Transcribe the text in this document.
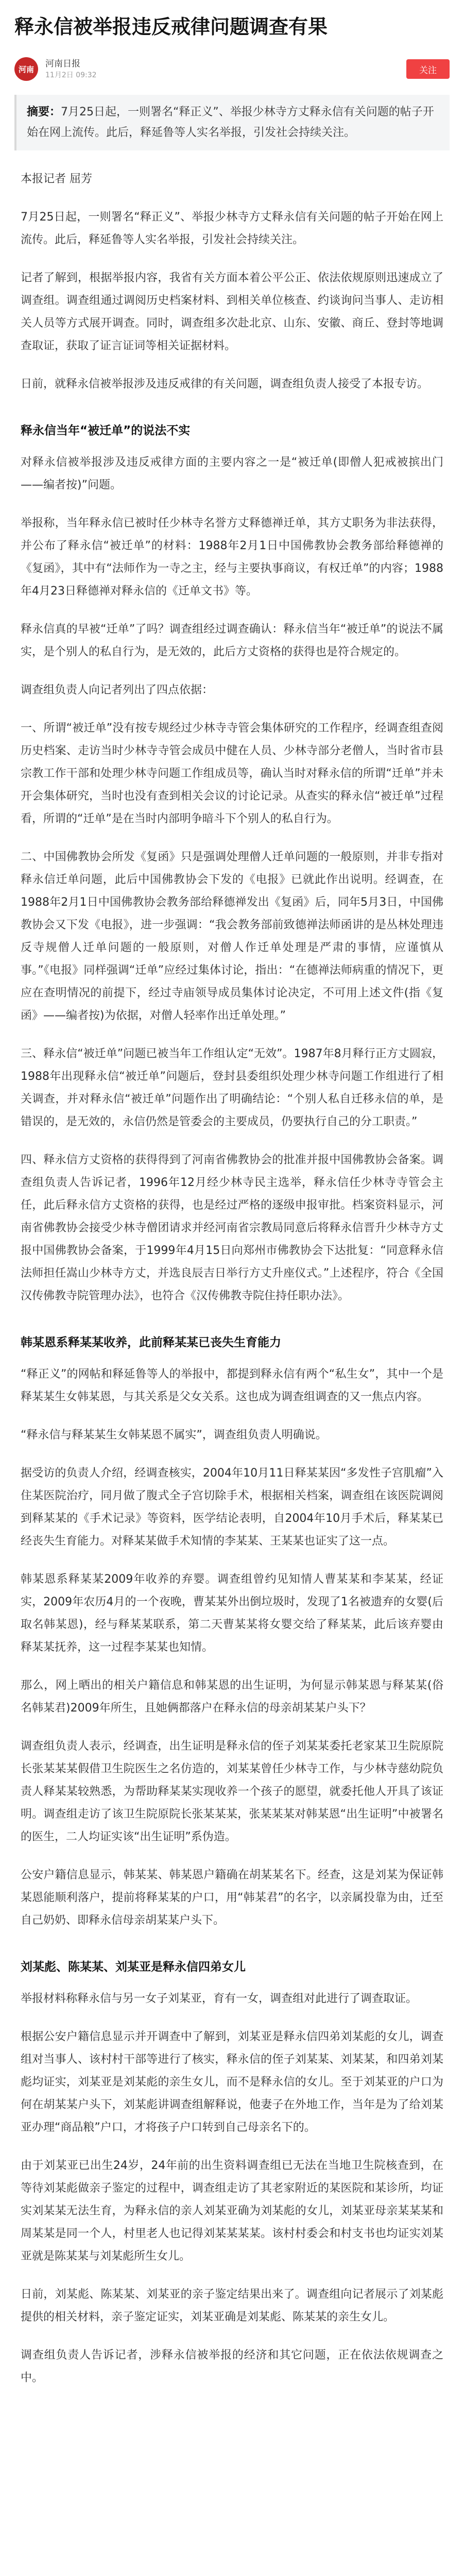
释永信被举报违反戒律问题调查有果
河南
河南日报
11月2日 09:32	关注
摘要：7月25日起，一则署名“释正义”、举报少林寺方丈释永信有关问题的帖子开始在网上流传。此后，释延鲁等人实名举报，引发社会持续关注。

本报记者 屈芳

7月25日起，一则署名“释正义”、举报少林寺方丈释永信有关问题的帖子开始在网上流传。此后，释延鲁等人实名举报，引发社会持续关注。

记者了解到，根据举报内容，我省有关方面本着公平公正、依法依规原则迅速成立了调查组。调查组通过调阅历史档案材料、到相关单位核查、约谈询问当事人、走访相关人员等方式展开调查。同时，调查组多次赴北京、山东、安徽、商丘、登封等地调查取证，获取了证言证词等相关证据材料。

日前，就释永信被举报涉及违反戒律的有关问题，调查组负责人接受了本报专访。

释永信当年“被迁单”的说法不实

对释永信被举报涉及违反戒律方面的主要内容之一是“被迁单(即僧人犯戒被摈出门——编者按)”问题。

举报称，当年释永信已被时任少林寺名誉方丈释德禅迁单，其方丈职务为非法获得，并公布了释永信“被迁单”的材料：1988年2月1日中国佛教协会教务部给释德禅的《复函》，其中有“法师作为一寺之主，经与主要执事商议，有权迁单”的内容；1988年4月23日释德禅对释永信的《迁单文书》等。

释永信真的早被“迁单”了吗？调查组经过调查确认：释永信当年“被迁单”的说法不属实，是个别人的私自行为，是无效的，此后方丈资格的获得也是符合规定的。

调查组负责人向记者列出了四点依据：

一、所谓“被迁单”没有按专规经过少林寺寺管会集体研究的工作程序，经调查组查阅历史档案、走访当时少林寺寺管会成员中健在人员、少林寺部分老僧人，当时省市县宗教工作干部和处理少林寺问题工作组成员等，确认当时对释永信的所谓“迁单”并未开会集体研究，当时也没有查到相关会议的讨论记录。从查实的释永信“被迁单”过程看，所谓的“迁单”是在当时内部明争暗斗下个别人的私自行为。

二、中国佛教协会所发《复函》只是强调处理僧人迁单问题的一般原则，并非专指对释永信迁单问题，此后中国佛教协会下发的《电报》已就此作出说明。经调查，在1988年2月1日中国佛教协会教务部给释德禅发出《复函》后，同年5月3日，中国佛教协会又下发《电报》，进一步强调：“我会教务部前致德禅法师函讲的是丛林处理违反寺规僧人迁单问题的一般原则，对僧人作迁单处理是严肃的事情，应谨慎从事。”《电报》同样强调“迁单”应经过集体讨论，指出：“在德禅法师病重的情况下，更应在查明情况的前提下，经过寺庙领导成员集体讨论决定，不可用上述文件(指《复函》——编者按)为依据，对僧人轻率作出迁单处理。”

三、释永信“被迁单”问题已被当年工作组认定“无效”。1987年8月释行正方丈圆寂，1988年出现释永信“被迁单”问题后，登封县委组织处理少林寺问题工作组进行了相关调查，并对释永信“被迁单”问题作出了明确结论：“个别人私自迁移永信的单，是错误的，是无效的，永信仍然是管委会的主要成员，仍要执行自己的分工职责。”

四、释永信方丈资格的获得得到了河南省佛教协会的批准并报中国佛教协会备案。调查组负责人告诉记者，1996年12月经少林寺民主选举，释永信任少林寺寺管会主任，此后释永信方丈资格的获得，也是经过严格的逐级申报审批。档案资料显示，河南省佛教协会接受少林寺僧团请求并经河南省宗教局同意后将释永信晋升少林寺方丈报中国佛教协会备案，于1999年4月15日向郑州市佛教协会下达批复：“同意释永信法师担任嵩山少林寺方丈，并选良辰吉日举行方丈升座仪式。”上述程序，符合《全国汉传佛教寺院管理办法》，也符合《汉传佛教寺院住持任职办法》。

韩某恩系释某某收养，此前释某某已丧失生育能力

“释正义”的网帖和释延鲁等人的举报中，都提到释永信有两个“私生女”，其中一个是释某某生女韩某恩，与其关系是父女关系。这也成为调查组调查的又一焦点内容。

“释永信与释某某生女韩某恩不属实”，调查组负责人明确说。

据受访的负责人介绍，经调查核实，2004年10月11日释某某因“多发性子宫肌瘤”入住某医院治疗，同月做了腹式全子宫切除手术，根据相关档案，调查组在该医院调阅到释某某的《手术记录》等资料，医学结论表明，自2004年10月手术后，释某某已经丧失生育能力。对释某某做手术知情的李某某、王某某也证实了这一点。

韩某恩系释某某2009年收养的弃婴。调查组曾约见知情人曹某某和李某某，经证实，2009年农历4月的一个夜晚，曹某某外出倒垃圾时，发现了1名被遗弃的女婴(后取名韩某恩)，经与释某某联系，第二天曹某某将女婴交给了释某某，此后该弃婴由释某某抚养，这一过程李某某也知情。

那么，网上晒出的相关户籍信息和韩某恩的出生证明，为何显示韩某恩与释某某(俗名韩某君)2009年所生，且她俩都落户在释永信的母亲胡某某户头下？

调查组负责人表示，经调查，出生证明是释永信的侄子刘某某委托老家某卫生院原院长张某某某假借卫生院医生之名仿造的，刘某某曾任少林寺工作，与少林寺慈幼院负责人释某某较熟悉，为帮助释某某实现收养一个孩子的愿望，就委托他人开具了该证明。调查组走访了该卫生院原院长张某某某，张某某某对韩某恩“出生证明”中被署名的医生，二人均证实该“出生证明”系伪造。

公安户籍信息显示，韩某某、韩某恩户籍确在胡某某名下。经查，这是刘某为保证韩某恩能顺利落户，提前将释某某的户口，用“韩某君”的名字，以亲属投靠为由，迁至自己奶奶、即释永信母亲胡某某户头下。

刘某彪、陈某某、刘某亚是释永信四弟女儿

举报材料称释永信与另一女子刘某亚，育有一女，调查组对此进行了调查取证。

根据公安户籍信息显示并开调查中了解到，刘某亚是释永信四弟刘某彪的女儿，调查组对当事人、该村村干部等进行了核实，释永信的侄子刘某某、刘某某，和四弟刘某彪均证实，刘某亚是刘某彪的亲生女儿，而不是释永信的女儿。至于刘某亚的户口为何在胡某某户头下，刘某彪讲调查组解释说，他妻子在外地工作，当年是为了给刘某亚办理“商品粮”户口，才将孩子户口转到自己母亲名下的。

由于刘某亚已出生24岁，24年前的出生资料调查组已无法在当地卫生院核查到，在等待刘某彪做亲子鉴定的过程中，调查组走访了其老家附近的某医院和某诊所，均证实刘某某无法生育，为释永信的亲人刘某亚确为刘某彪的女儿，刘某亚母亲某某某和周某某是同一个人，村里老人也记得刘某某某某。该村村委会和村支书也均证实刘某亚就是陈某某与刘某彪所生女儿。

日前，刘某彪、陈某某、刘某亚的亲子鉴定结果出来了。调查组向记者展示了刘某彪提供的相关材料，亲子鉴定证实，刘某亚确是刘某彪、陈某某的亲生女儿。

调查组负责人告诉记者，涉释永信被举报的经济和其它问题，正在依法依规调查之中。
